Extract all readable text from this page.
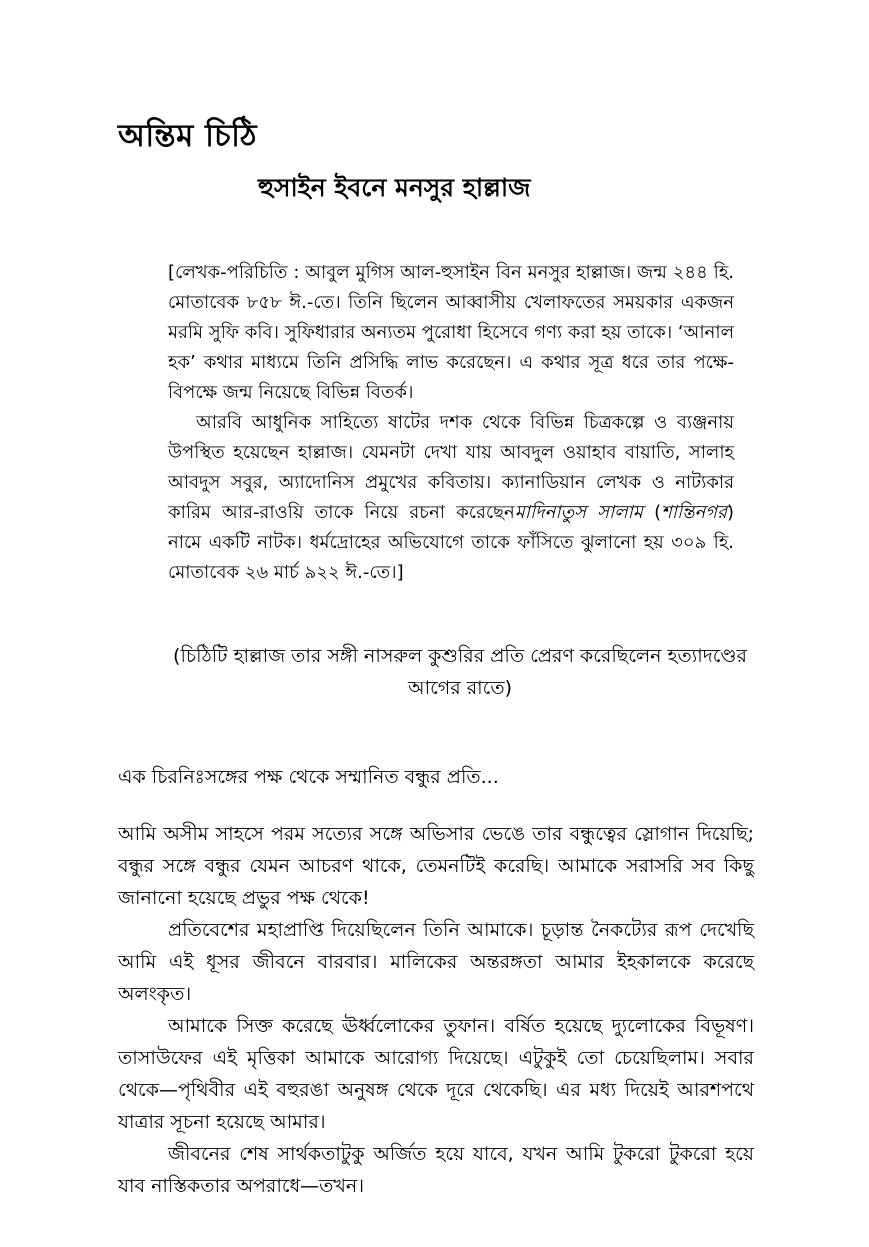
অন্তিম চিঠি
হুসাইন ইবনে মনসুর হাল্লাজ

[লেখক-পরিচিতি : আবুল মুগিস আল-হুসাইন বিন মনসুর হাল্লাজ। জন্ম ২৪৪ হি. মোতাবেক ৮৫৮ ঈ.-তে। তিনি ছিলেন আব্বাসীয় খেলাফতের সময়কার একজন মরমি সুফি কবি। সুফিধারার অন্যতম পুরোধা হিসেবে গণ্য করা হয় তাকে। ‘আনাল হক’ কথার মাধ্যমে তিনি প্রসিদ্ধি লাভ করেছেন। এ কথার সূত্র ধরে তার পক্ষে-বিপক্ষে জন্ম নিয়েছে বিভিন্ন বিতর্ক।

আরবি আধুনিক সাহিত্যে ষাটের দশক থেকে বিভিন্ন চিত্রকল্পে ও ব্যঞ্জনায় উপস্থিত হয়েছেন হাল্লাজ। যেমনটা দেখা যায় আবদুল ওয়াহাব বায়াতি, সালাহ আবদুস সবুর, অ্যাদোনিস প্রমুখের কবিতায়। ক্যানাডিয়ান লেখক ও নাট্যকার কারিম আর-রাওয়ি তাকে নিয়ে রচনা করেছেনমাদিনাতুস সালাম (শান্তিনগর) নামে একটি নাটক। ধর্মদ্রোহের অভিযোগে তাকে ফাঁসিতে ঝুলানো হয় ৩০৯ হি. মোতাবেক ২৬ মার্চ ৯২২ ঈ.-তে।]

(চিঠিটি হাল্লাজ তার সঙ্গী নাসরুল কুশুরির প্রতি প্রেরণ করেছিলেন হত্যাদণ্ডের আগের রাতে)

এক চিরনিঃসঙ্গের পক্ষ থেকে সম্মানিত বন্ধুর প্রতি...

আমি অসীম সাহসে পরম সত্যের সঙ্গে অভিসার ভেঙে তার বন্ধুত্বের স্লোগান দিয়েছি; বন্ধুর সঙ্গে বন্ধুর যেমন আচরণ থাকে, তেমনটিই করেছি। আমাকে সরাসরি সব কিছু জানানো হয়েছে প্রভুর পক্ষ থেকে!

প্রতিবেশের মহাপ্রাপ্তি দিয়েছিলেন তিনি আমাকে। চূড়ান্ত নৈকট্যের রূপ দেখেছি আমি এই ধূসর জীবনে বারবার। মালিকের অন্তরঙ্গতা আমার ইহকালকে করেছে অলংকৃত।

আমাকে সিক্ত করেছে ঊর্ধ্বলোকের তুফান। বর্ষিত হয়েছে দ্যুলোকের বিভূষণ। তাসাউফের এই মৃত্তিকা আমাকে আরোগ্য দিয়েছে। এটুকুই তো চেয়েছিলাম। সবার থেকে—পৃথিবীর এই বহুরঙা অনুষঙ্গ থেকে দূরে থেকেছি। এর মধ্য দিয়েই আরশপথে যাত্রার সূচনা হয়েছে আমার।

জীবনের শেষ সার্থকতাটুকু অর্জিত হয়ে যাবে, যখন আমি টুকরো টুকরো হয়ে যাব নাস্তিকতার অপরাধে—তখন।
